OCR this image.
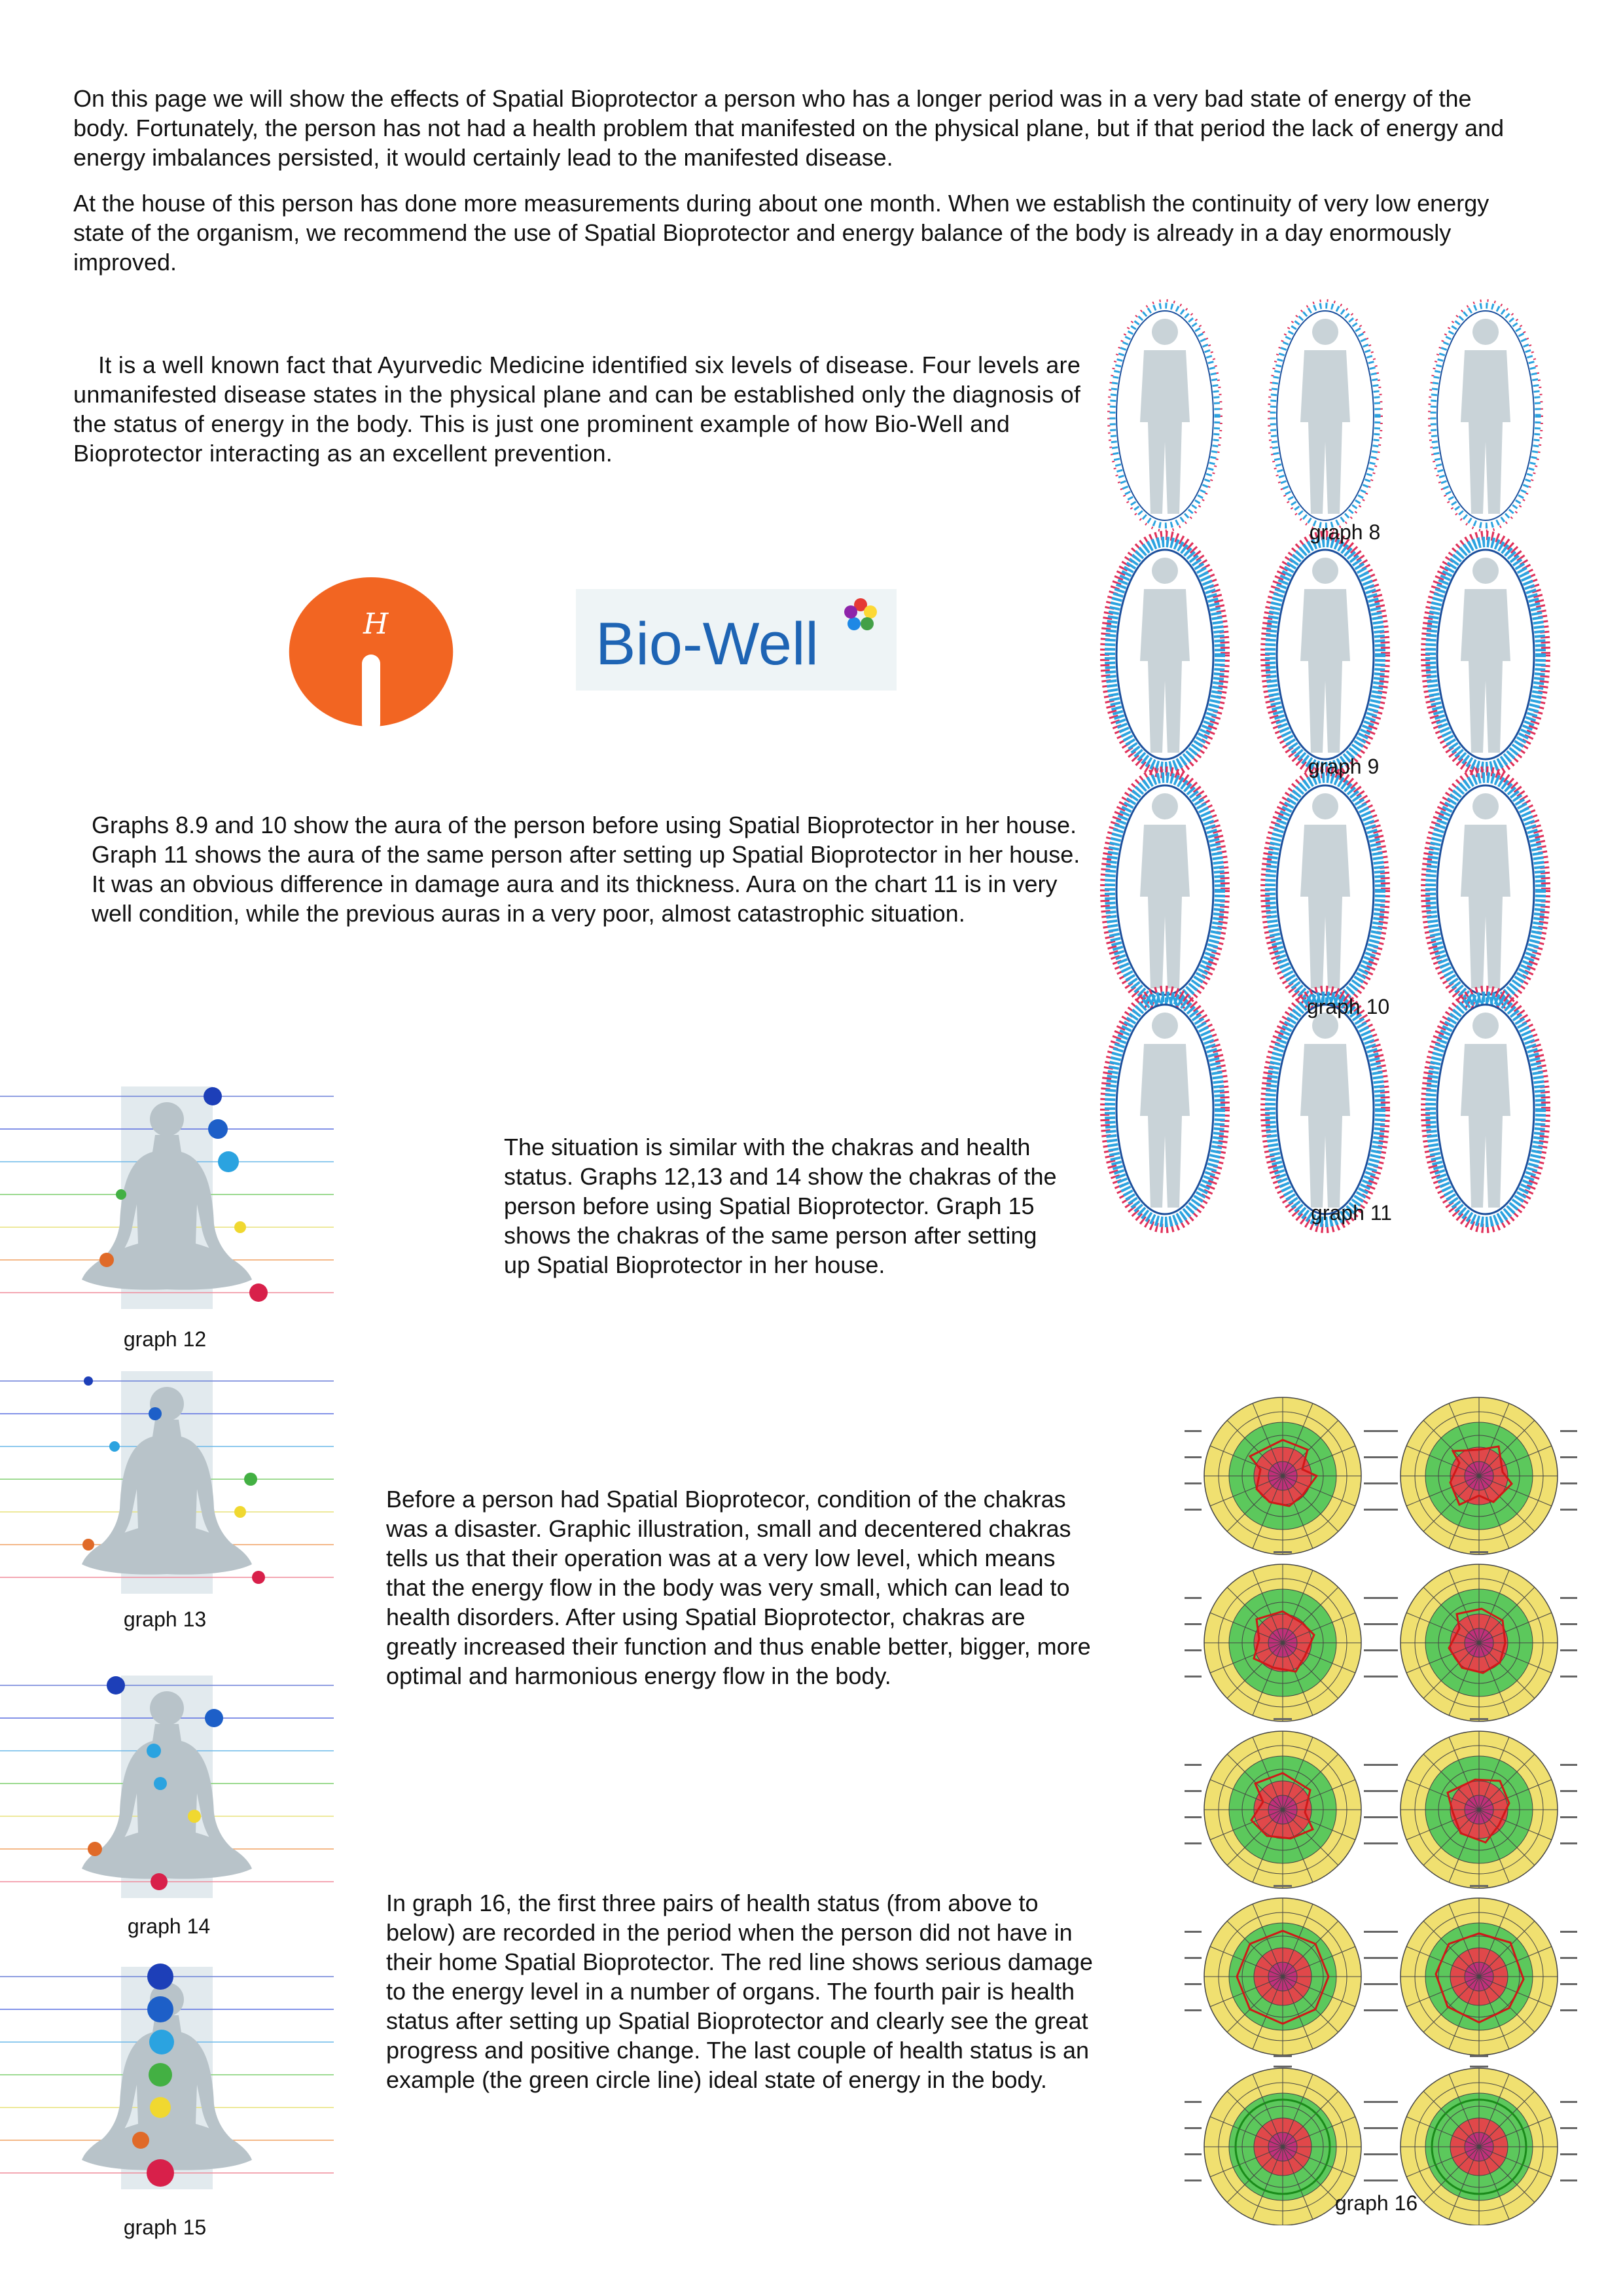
On this page we will show the effects of Spatial Bioprotector a person who has a longer period was in a very bad state of energy of the body. Fortunately, the person has not had a health problem that manifested on the physical plane, but if that period the lack of energy and energy imbalances persisted, it would certainly lead to the manifested disease.

At the house of this person has done more measurements during about one month. When we establish the continuity of very low energy state of the organism, we recommend the use of Spatial Bioprotector and energy balance of the body is already in a day enormously improved.

It is a well known fact that Ayurvedic Medicine identified six levels of disease. Four levels are unmanifested disease states in the physical plane and can be established only the diagnosis of the status of energy in the body. This is just one prominent example of how Bio-Well and Bioprotector interacting as an excellent prevention.

H	Bio-Well

Graphs 8.9 and 10 show the aura of the person before using Spatial Bioprotector in her house. Graph 11 shows the aura of the same person after setting up Spatial Bioprotector in her house. It was an obvious difference in damage aura and its thickness. Aura on the chart 11 is in very well condition, while the previous auras in a very poor, almost catastrophic situation.

graph 8
graph 9
graph 10
graph 11

The situation is similar with the chakras and health status. Graphs 12,13 and 14 show the chakras of the person before using Spatial Bioprotector. Graph 15 shows the chakras of the same person after setting up Spatial Bioprotector in her house.

graph 12
graph 13
graph 14
graph 15

Before a person had Spatial Bioprotecor, condition of the chakras was a disaster. Graphic illustration, small and decentered chakras tells us that their operation was at a very low level, which means that the energy flow in the body was very small, which can lead to health disorders. After using Spatial Bioprotector, chakras are greatly increased their function and thus enable better, bigger, more optimal and harmonious energy flow in the body.

In graph 16, the first three pairs of health status (from above to below) are recorded in the period when the person did not have in their home Spatial Bioprotector. The red line shows serious damage to the energy level in a number of organs. The fourth pair is health status after setting up Spatial Bioprotector and clearly see the great progress and positive change. The last couple of health status is an example (the green circle line) ideal state of energy in the body.

graph 16
